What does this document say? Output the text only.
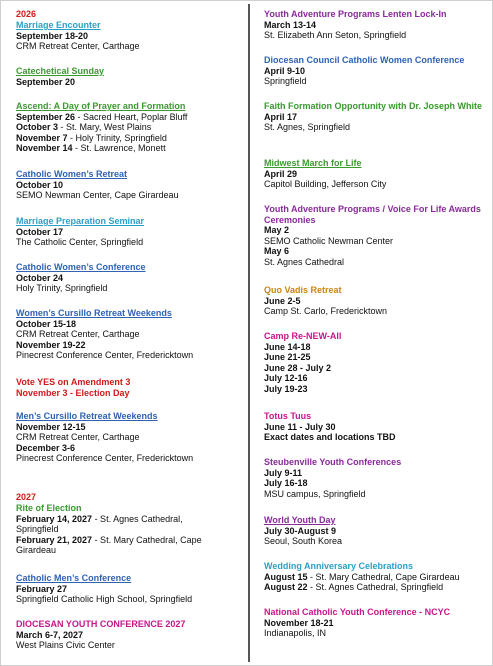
2026
Marriage Encounter
September 18-20
CRM Retreat Center, Carthage
Catechetical Sunday
September 20
Ascend: A Day of Prayer and Formation
September 26 - Sacred Heart, Poplar Bluff
October 3 - St. Mary, West Plains
November 7 - Holy Trinity, Springfield
November 14 - St. Lawrence, Monett
Catholic Women’s Retreat
October 10
SEMO Newman Center, Cape Girardeau
Marriage Preparation Seminar
October 17
The Catholic Center, Springfield
Catholic Women’s Conference
October 24
Holy Trinity, Springfield
Women’s Cursillo Retreat Weekends
October 15-18
CRM Retreat Center, Carthage
November 19-22
Pinecrest Conference Center, Fredericktown
Vote YES on Amendment 3
November 3 - Election Day
Men’s Cursillo Retreat Weekends
November 12-15
CRM Retreat Center, Carthage
December 3-6
Pinecrest Conference Center, Fredericktown
2027
Rite of Election
February 14, 2027 - St. Agnes Cathedral,
Springfield
February 21, 2027 - St. Mary Cathedral, Cape
Girardeau
Catholic Men’s Conference
February 27
Springfield Catholic High School, Springfield
DIOCESAN YOUTH CONFERENCE 2027
March 6-7, 2027
West Plains Civic Center
Youth Adventure Programs Lenten Lock-In
March 13-14
St. Elizabeth Ann Seton, Springfield
Diocesan Council Catholic Women Conference
April 9-10
Springfield
Faith Formation Opportunity with Dr. Joseph White
April 17
St. Agnes, Springfield
Midwest March for Life
April 29
Capitol Building, Jefferson City
Youth Adventure Programs / Voice For Life Awards Ceremonies
May 2
SEMO Catholic Newman Center
May 6
St. Agnes Cathedral
Quo Vadis Retreat
June 2-5
Camp St. Carlo, Fredericktown
Camp Re-NEW-All
June 14-18
June 21-25
June 28 - July 2
July 12-16
July 19-23
Totus Tuus
June 11 - July 30
Exact dates and locations TBD
Steubenville Youth Conferences
July 9-11
July 16-18
MSU campus, Springfield
World Youth Day
July 30-August 9
Seoul, South Korea
Wedding Anniversary Celebrations
August 15 - St. Mary Cathedral, Cape Girardeau
August 22 - St. Agnes Cathedral, Springfield
National Catholic Youth Conference - NCYC
November 18-21
Indianapolis, IN
